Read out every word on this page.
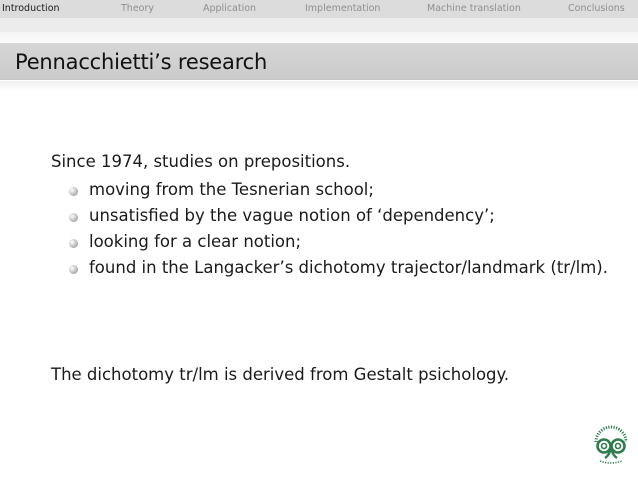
Introduction	Theory	Application	Implementation	Machine translation	Conclusions
Pennacchietti’s research
Since 1974, studies on prepositions.
moving from the Tesnerian school;
unsatisfied by the vague notion of ‘dependency’;
looking for a clear notion;
found in the Langacker’s dichotomy trajector/landmark (tr/lm).
The dichotomy tr/lm is derived from Gestalt psichology.
